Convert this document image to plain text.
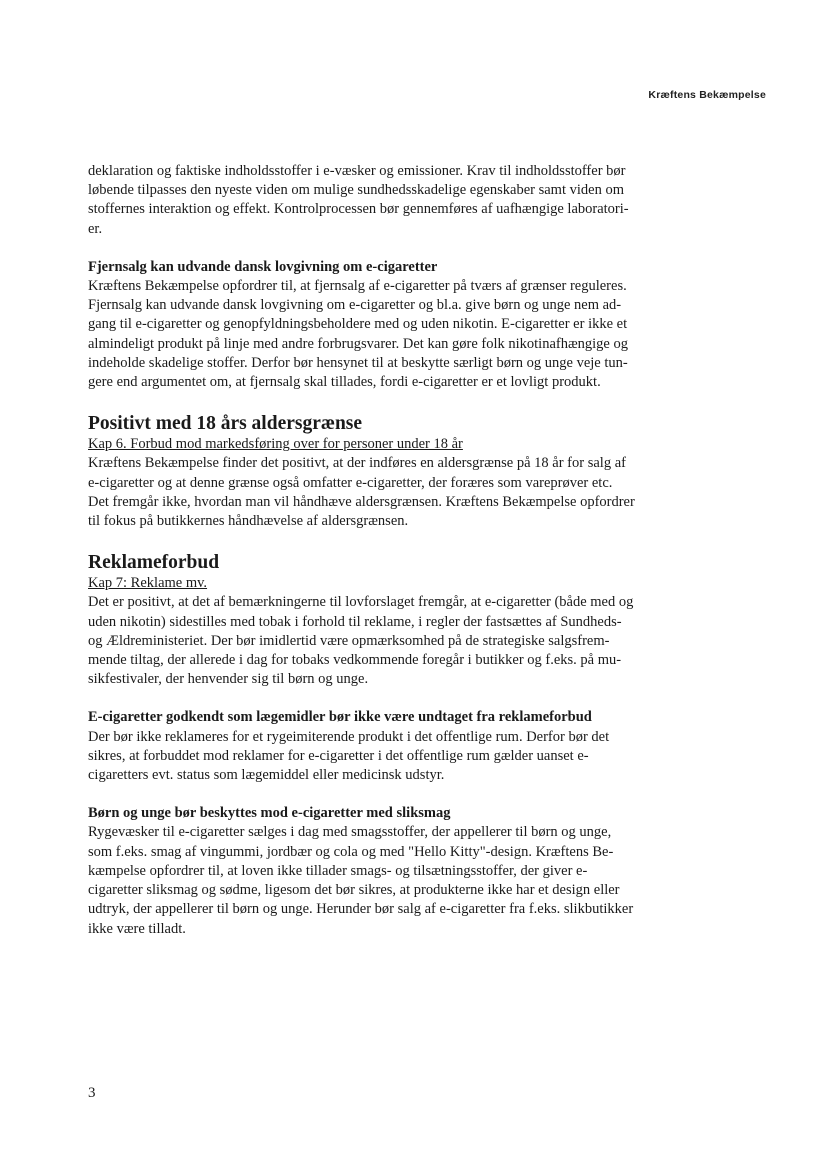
Kræftens Bekæmpelse
deklaration og faktiske indholdsstoffer i e-væsker og emissioner. Krav til indholdsstoffer bør
løbende tilpasses den nyeste viden om mulige sundhedsskadelige egenskaber samt viden om
stoffernes interaktion og effekt. Kontrolprocessen bør gennemføres af uafhængige laboratori-
er.
Fjernsalg kan udvande dansk lovgivning om e-cigaretter
Kræftens Bekæmpelse opfordrer til, at fjernsalg af e-cigaretter på tværs af grænser reguleres.
Fjernsalg kan udvande dansk lovgivning om e-cigaretter og bl.a. give børn og unge nem ad-
gang til e-cigaretter og genopfyldningsbeholdere med og uden nikotin. E-cigaretter er ikke et
almindeligt produkt på linje med andre forbrugsvarer. Det kan gøre folk nikotinafhængige og
indeholde skadelige stoffer. Derfor bør hensynet til at beskytte særligt børn og unge veje tun-
gere end argumentet om, at fjernsalg skal tillades, fordi e-cigaretter er et lovligt produkt.
Positivt med 18 års aldersgrænse
Kap 6. Forbud mod markedsføring over for personer under 18 år
Kræftens Bekæmpelse finder det positivt, at der indføres en aldersgrænse på 18 år for salg af
e-cigaretter og at denne grænse også omfatter e-cigaretter, der foræres som vareprøver etc.
Det fremgår ikke, hvordan man vil håndhæve aldersgrænsen. Kræftens Bekæmpelse opfordrer
til fokus på butikkernes håndhævelse af aldersgrænsen.
Reklameforbud
Kap 7: Reklame mv.
Det er positivt, at det af bemærkningerne til lovforslaget fremgår, at e-cigaretter (både med og
uden nikotin) sidestilles med tobak i forhold til reklame, i regler der fastsættes af Sundheds-
og Ældreministeriet. Der bør imidlertid være opmærksomhed på de strategiske salgsfrem-
mende tiltag, der allerede i dag for tobaks vedkommende foregår i butikker og f.eks. på mu-
sikfestivaler, der henvender sig til børn og unge.
E-cigaretter godkendt som lægemidler bør ikke være undtaget fra reklameforbud
Der bør ikke reklameres for et rygeimiterende produkt i det offentlige rum. Derfor bør det
sikres, at forbuddet mod reklamer for e-cigaretter i det offentlige rum gælder uanset e-
cigaretters evt. status som lægemiddel eller medicinsk udstyr.
Børn og unge bør beskyttes mod e-cigaretter med sliksmag
Rygevæsker til e-cigaretter sælges i dag med smagsstoffer, der appellerer til børn og unge,
som f.eks. smag af vingummi, jordbær og cola og med "Hello Kitty"-design. Kræftens Be-
kæmpelse opfordrer til, at loven ikke tillader smags- og tilsætningsstoffer, der giver e-
cigaretter sliksmag og sødme, ligesom det bør sikres, at produkterne ikke har et design eller
udtryk, der appellerer til børn og unge. Herunder bør salg af e-cigaretter fra f.eks. slikbutikker
ikke være tilladt.
3
